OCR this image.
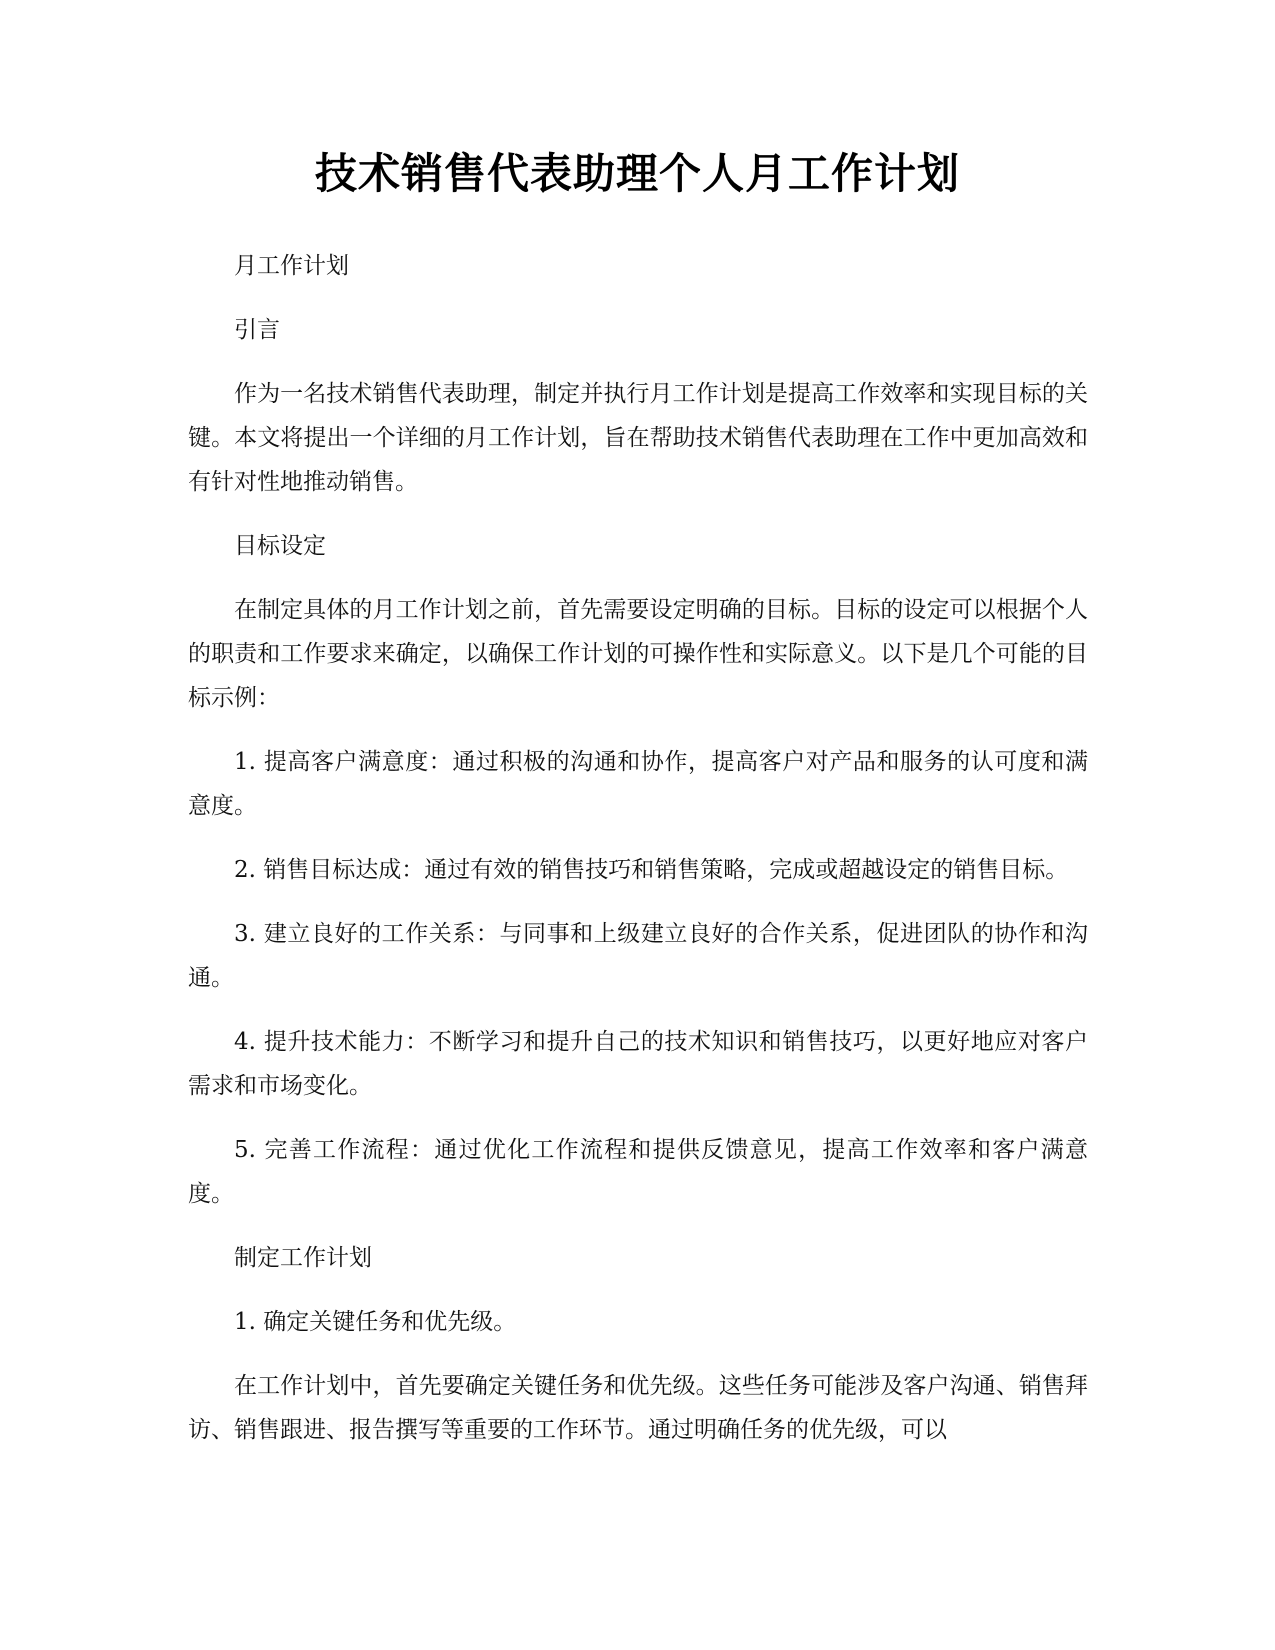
技术销售代表助理个人月工作计划

月工作计划

引言

作为一名技术销售代表助理，制定并执行月工作计划是提高工作效率和实现目标的关键。本文将提出一个详细的月工作计划，旨在帮助技术销售代表助理在工作中更加高效和有针对性地推动销售。

目标设定

在制定具体的月工作计划之前，首先需要设定明确的目标。目标的设定可以根据个人的职责和工作要求来确定，以确保工作计划的可操作性和实际意义。以下是几个可能的目标示例：

1. 提高客户满意度：通过积极的沟通和协作，提高客户对产品和服务的认可度和满意度。

2. 销售目标达成：通过有效的销售技巧和销售策略，完成或超越设定的销售目标。

3. 建立良好的工作关系：与同事和上级建立良好的合作关系，促进团队的协作和沟通。

4. 提升技术能力：不断学习和提升自己的技术知识和销售技巧，以更好地应对客户需求和市场变化。

5. 完善工作流程：通过优化工作流程和提供反馈意见，提高工作效率和客户满意度。

制定工作计划

1. 确定关键任务和优先级。

在工作计划中，首先要确定关键任务和优先级。这些任务可能涉及客户沟通、销售拜访、销售跟进、报告撰写等重要的工作环节。通过明确任务的优先级，可以
